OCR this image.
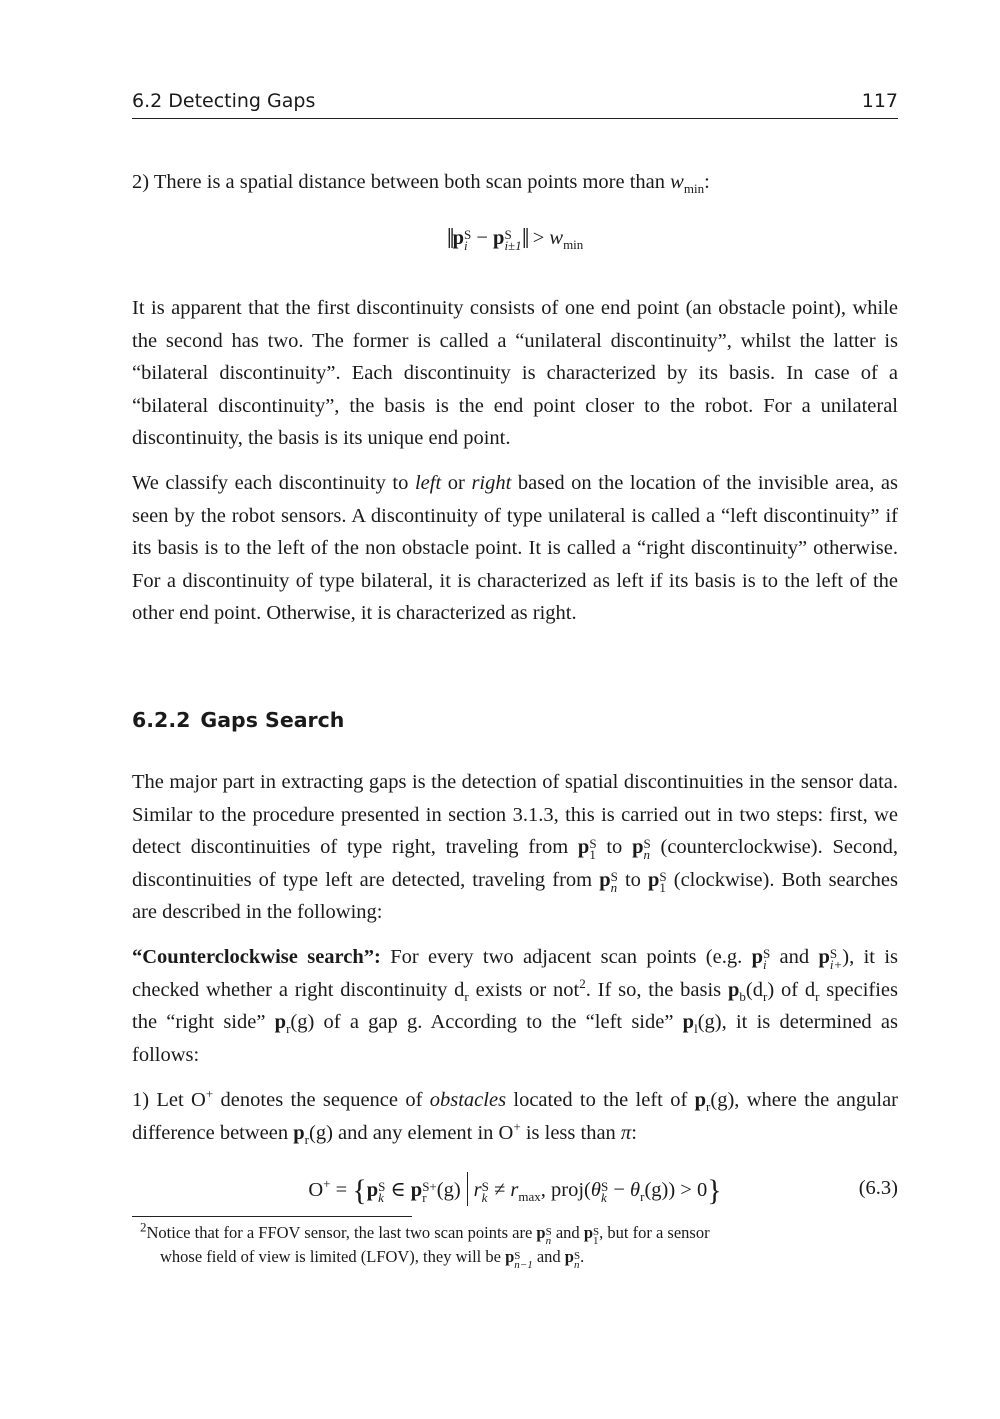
6.2 Detecting Gaps	117

2) There is a spatial distance between both scan points more than $w_{min}$:

‖p S
i − p S
i±1 ‖ > $w_{min}$

It is apparent that the first discontinuity consists of one end point (an obstacle point), while the second has two. The former is called a “unilateral discontinuity”, whilst the latter is “bilateral discontinuity”. Each discontinuity is characterized by its basis. In case of a “bilateral discontinuity”, the basis is the end point closer to the robot. For a unilateral discontinuity, the basis is its unique end point.

We classify each discontinuity to left or right based on the location of the invisible area, as seen by the robot sensors. A discontinuity of type unilateral is called a “left discontinuity” if its basis is to the left of the non obstacle point. It is called a “right discontinuity” otherwise. For a discontinuity of type bilateral, it is characterized as left if its basis is to the left of the other end point. Otherwise, it is characterized as right.

6.2.2 Gaps Search

The major part in extracting gaps is the detection of spatial discontinuities in the sensor data. Similar to the procedure presented in section 3.1.3, this is carried out in two steps: first, we detect discontinuities of type right, traveling from p S
1 to p S
n (counterclockwise). Second, discontinuities of type left are detected, traveling from p S
n to p S
1 (clockwise). Both searches are described in the following:

“Counterclockwise search”: For every two adjacent scan points (e.g. p S
i and p S
i+ ), it is checked whether a right discontinuity $d_r$ exists or not$^2$. If so, the basis $p_b(d_r)$ of $d_r$ specifies the “right side” $p_r(g)$ of a gap g. According to the “left side” $p_l(g)$, it is determined as follows:

1) Let O+ denotes the sequence of obstacles located to the left of $p_r(g)$, where the angular difference between $p_r(g)$ and any element in O+ is less than π:

O+ = {p S
k ∈ p S+
r (g) r S
$k \ne r_{max}$, proj(θ S
$k - \theta_r(g)) > 0$}	(6.3)
$^2$Notice that for a FFOV sensor, the last two scan points are p S
n and p S
1 , but for a sensor
whose field of view is limited (LFOV), they will be p S
n−1 and p S
n .
